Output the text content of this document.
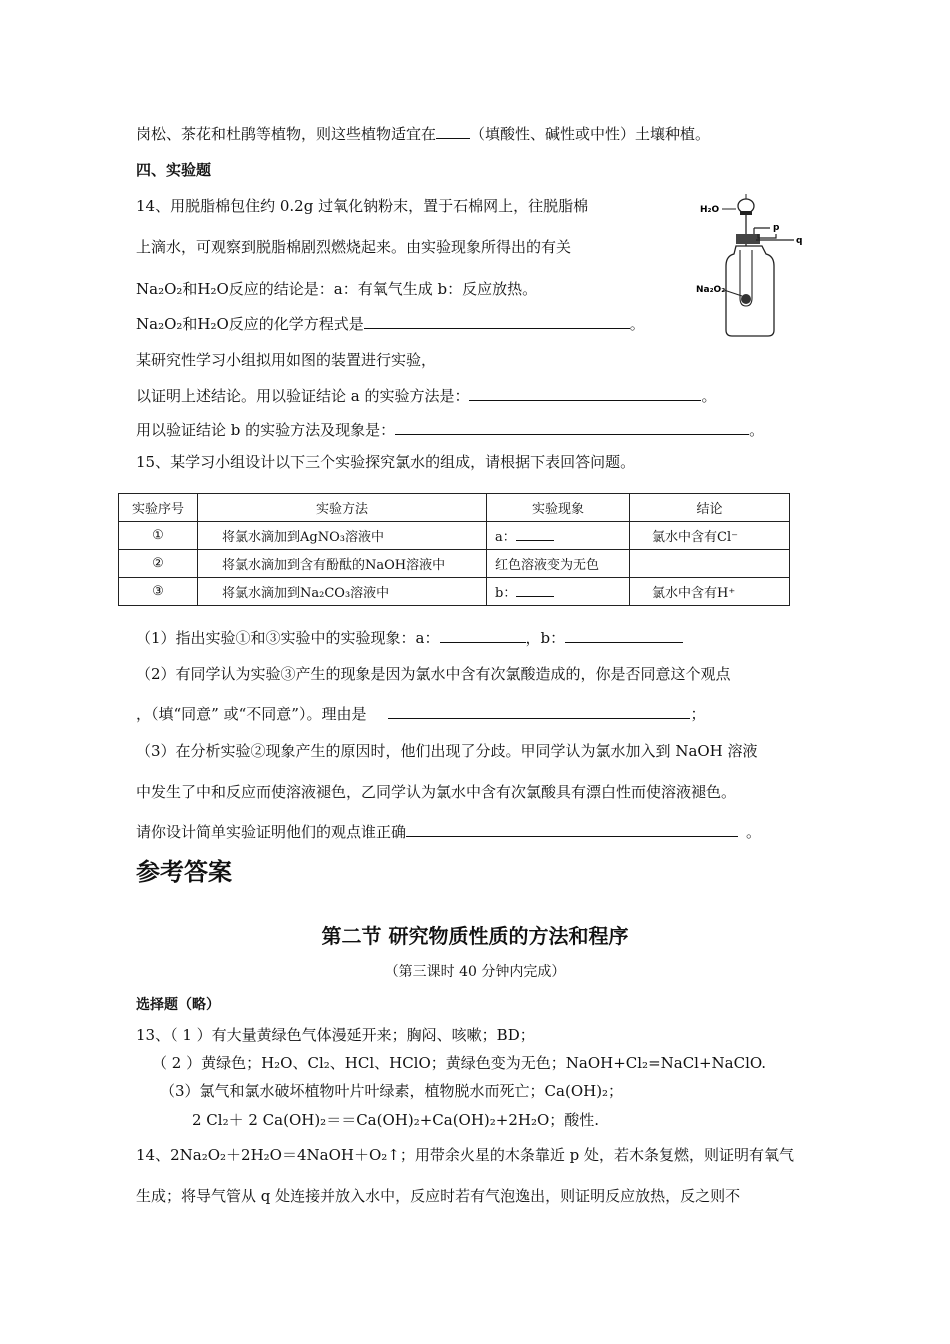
岗松、茶花和杜鹃等植物，则这些植物适宜在 （填酸性、碱性或中性）土壤种植。
四、实验题
14、用脱脂棉包住约 0.2g 过氧化钠粉末，置于石棉网上，往脱脂棉
上滴水，可观察到脱脂棉剧烈燃烧起来。由实验现象所得出的有关
Na₂O₂和H₂O反应的结论是：a：有氧气生成 b：反应放热。
Na₂O₂和H₂O反应的化学方程式是	。
某研究性学习小组拟用如图的装置进行实验，
以证明上述结论。用以验证结论 a 的实验方法是：	。
用以验证结论 b 的实验方法及现象是：	。
H₂O
p
q
Na₂O₂
15、某学习小组设计以下三个实验探究氯水的组成，请根据下表回答问题。
实验序号	实验方法	实验现象	结论
①	将氯水滴加到AgNO₃溶液中	a：	氯水中含有Cl⁻
②	将氯水滴加到含有酚酞的NaOH溶液中	红色溶液变为无色	
③	将氯水滴加到Na₂CO₃溶液中	b：	氯水中含有H⁺
（1）指出实验①和③实验中的实验现象：a：	，b：
（2）有同学认为实验③产生的现象是因为氯水中含有次氯酸造成的，你是否同意这个观点
，（填“同意” 或“不同意”）。理由是	；
（3）在分析实验②现象产生的原因时，他们出现了分歧。甲同学认为氯水加入到 NaOH 溶液
中发生了中和反应而使溶液褪色，乙同学认为氯水中含有次氯酸具有漂白性而使溶液褪色。
请你设计简单实验证明他们的观点谁正确	。
参考答案
第二节 研究物质性质的方法和程序
（第三课时 40 分钟内完成）
选择题（略）
13、（ 1 ）有大量黄绿色气体漫延开来；胸闷、咳嗽；BD；
（ 2 ）黄绿色；H₂O、Cl₂、HCl、HClO；黄绿色变为无色；NaOH+Cl₂=NaCl+NaClO.
（3）氯气和氯水破坏植物叶片叶绿素，植物脱水而死亡；Ca(OH)₂；
2 Cl₂＋ 2 Ca(OH)₂＝＝Ca(OH)₂+Ca(OH)₂+2H₂O；酸性.
14、2Na₂O₂＋2H₂O＝4NaOH＋O₂↑；用带余火星的木条靠近 p 处，若木条复燃，则证明有氧气
生成；将导气管从 q 处连接并放入水中，反应时若有气泡逸出，则证明反应放热，反之则不
